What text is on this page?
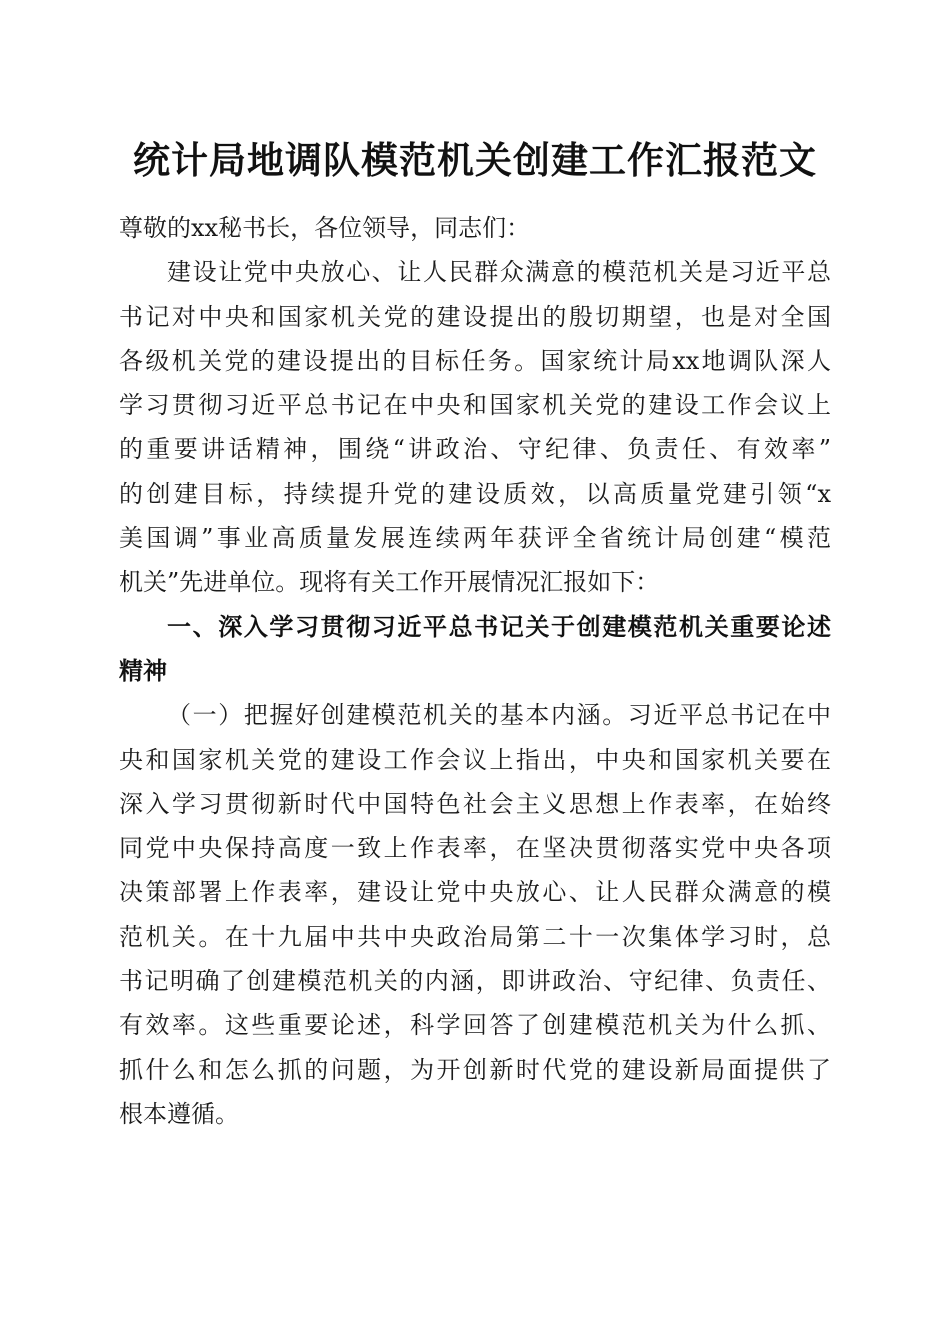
统计局地调队模范机关创建工作汇报范文
尊敬的xx秘书长，各位领导，同志们：
建设让党中央放心、让人民群众满意的模范机关是习近平总
书记对中央和国家机关党的建设提出的殷切期望，也是对全国
各级机关党的建设提出的目标任务。国家统计局xx地调队深人
学习贯彻习近平总书记在中央和国家机关党的建设工作会议上
的重要讲话精神，围绕“讲政治、守纪律、负责任、有效率”
的创建目标，持续提升党的建设质效，以高质量党建引领“x
美国调”事业高质量发展连续两年获评全省统计局创建“模范
机关”先进单位。现将有关工作开展情况汇报如下：
一、深入学习贯彻习近平总书记关于创建模范机关重要论述
精神
（一）把握好创建模范机关的基本内涵。习近平总书记在中
央和国家机关党的建设工作会议上指出，中央和国家机关要在
深入学习贯彻新时代中国特色社会主义思想上作表率，在始终
同党中央保持高度一致上作表率，在坚决贯彻落实党中央各项
决策部署上作表率，建设让党中央放心、让人民群众满意的模
范机关。在十九届中共中央政治局第二十一次集体学习时，总
书记明确了创建模范机关的内涵，即讲政治、守纪律、负责任、
有效率。这些重要论述，科学回答了创建模范机关为什么抓、
抓什么和怎么抓的问题，为开创新时代党的建设新局面提供了
根本遵循。
